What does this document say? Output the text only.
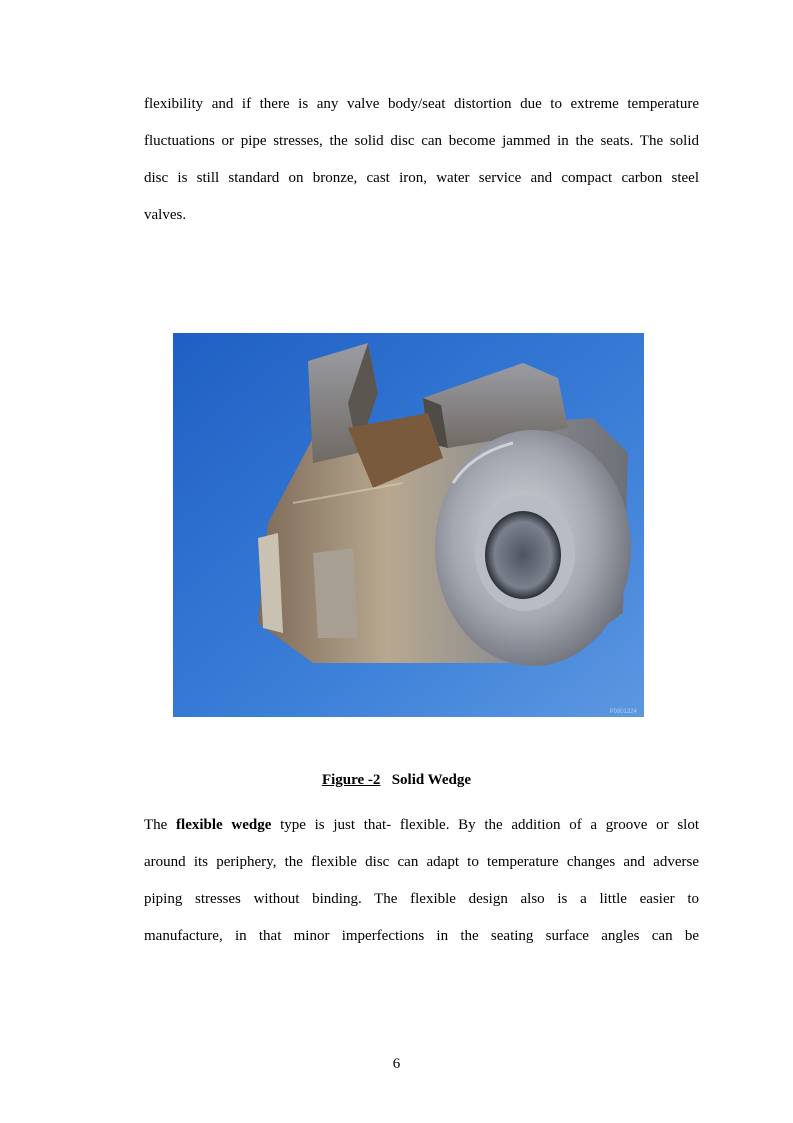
flexibility and if there is any valve body/seat distortion due to extreme temperature
fluctuations or pipe stresses, the solid disc can become jammed in the seats. The solid
disc is still standard on bronze, cast iron, water service and compact carbon steel
valves.
P0801224
Figure -2 Solid Wedge
The flexible wedge type is just that- flexible. By the addition of a groove or slot
around its periphery, the flexible disc can adapt to temperature changes and adverse
piping stresses without binding. The flexible design also is a little easier to
manufacture, in that minor imperfections in the seating surface angles can be
6
